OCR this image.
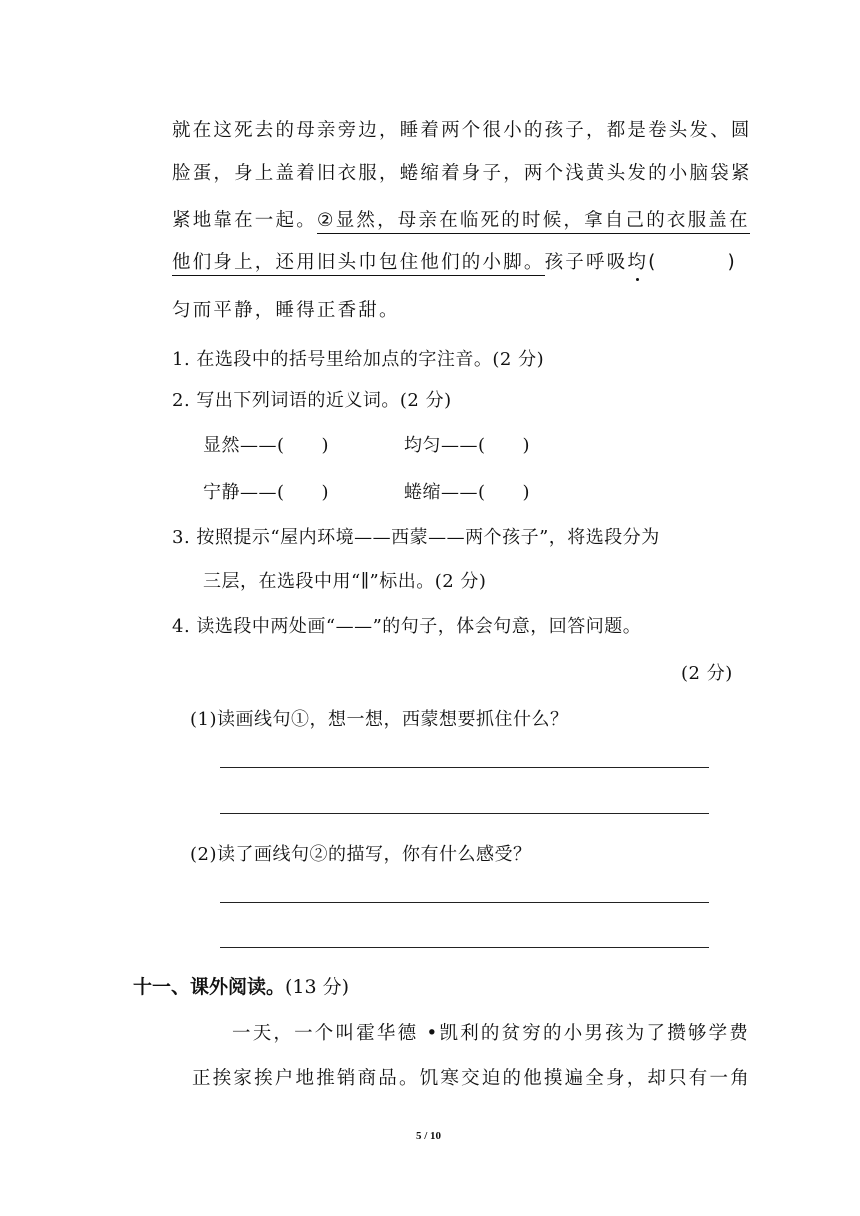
就在这死去的母亲旁边，睡着两个很小的孩子，都是卷头发、圆
脸蛋，身上盖着旧衣服，蜷缩着身子，两个浅黄头发的小脑袋紧
紧地靠在一起。②显然，母亲在临死的时候，拿自己的衣服盖在
他们身上，还用旧头巾包住他们的小脚。孩子呼吸均(	)
匀而平静，睡得正香甜。
1. 在选段中的括号里给加点的字注音。(2 分)
2. 写出下列词语的近义词。(2 分)
显然——(　　)	均匀——(　　)
宁静——(　　)	蜷缩——(　　)
3. 按照提示“屋内环境——西蒙——两个孩子”，将选段分为
三层，在选段中用“∥”标出。(2 分)
4. 读选段中两处画“——”的句子，体会句意，回答问题。
(2 分)
(1)读画线句①，想一想，西蒙想要抓住什么？
(2)读了画线句②的描写，你有什么感受？
十一、课外阅读。(13 分)
一天，一个叫霍华德 •凯利的贫穷的小男孩为了攒够学费
正挨家挨户地推销商品。饥寒交迫的他摸遍全身，却只有一角
5 / 10
